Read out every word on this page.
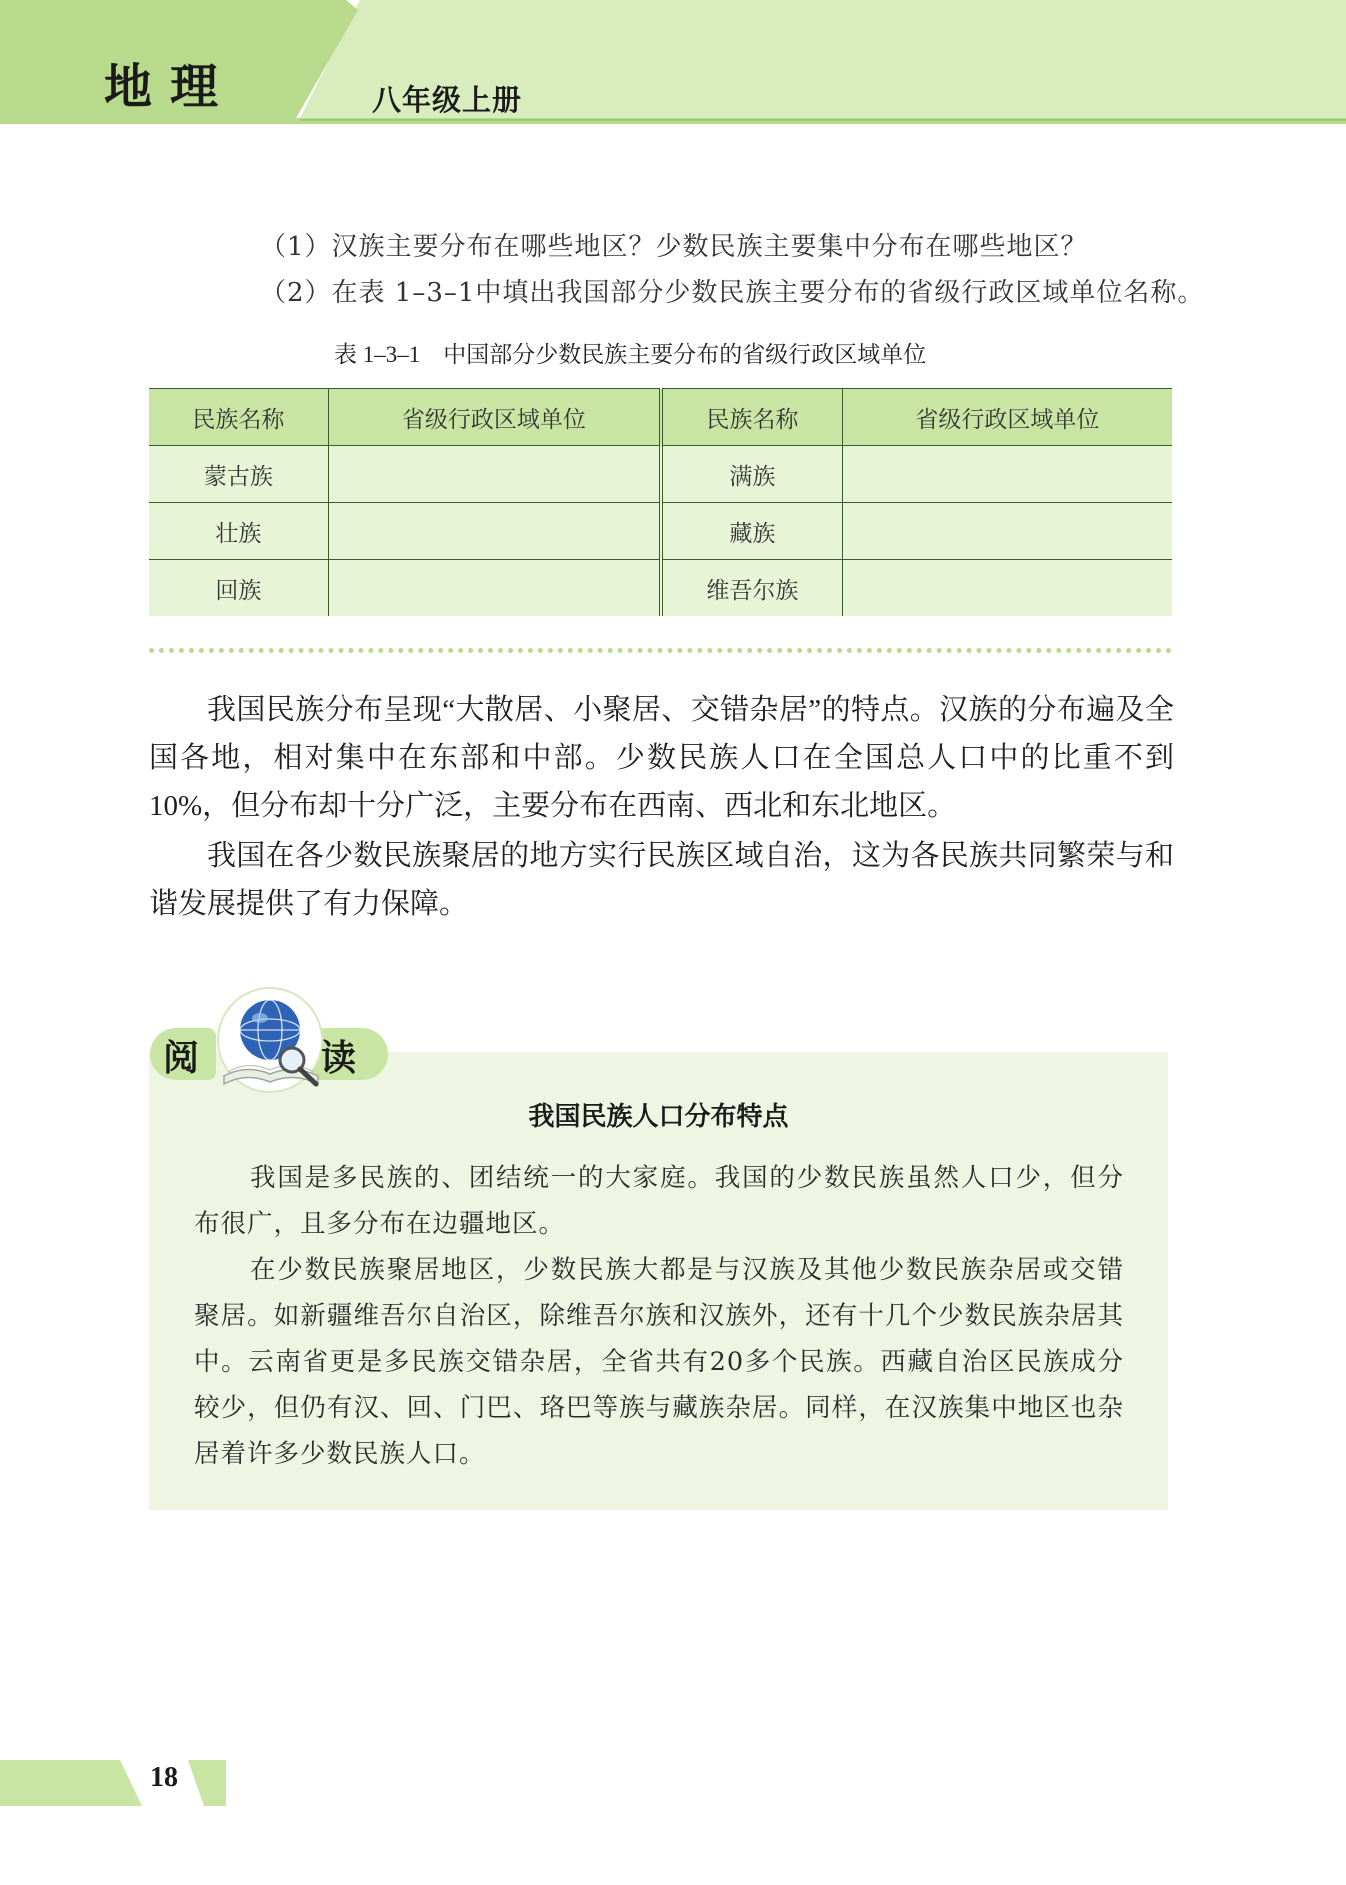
地理	八年级上册
（1）汉族主要分布在哪些地区？少数民族主要集中分布在哪些地区？
（2）在表 1–3–1中填出我国部分少数民族主要分布的省级行政区域单位名称。
表 1–3–1　中国部分少数民族主要分布的省级行政区域单位
民族名称	省级行政区域单位	民族名称	省级行政区域单位
蒙古族		满族	
壮族		藏族	
回族		维吾尔族	

我国民族分布呈现“大散居、小聚居、交错杂居”的特点。汉族的分布遍及全国各地，相对集中在东部和中部。少数民族人口在全国总人口中的比重不到10%，但分布却十分广泛，主要分布在西南、西北和东北地区。

我国在各少数民族聚居的地方实行民族区域自治，这为各民族共同繁荣与和谐发展提供了有力保障。

阅	读
我国民族人口分布特点

我国是多民族的、团结统一的大家庭。我国的少数民族虽然人口少，但分布很广，且多分布在边疆地区。

在少数民族聚居地区，少数民族大都是与汉族及其他少数民族杂居或交错聚居。如新疆维吾尔自治区，除维吾尔族和汉族外，还有十几个少数民族杂居其中。云南省更是多民族交错杂居，全省共有20多个民族。西藏自治区民族成分较少，但仍有汉、回、门巴、珞巴等族与藏族杂居。同样，在汉族集中地区也杂居着许多少数民族人口。

18
